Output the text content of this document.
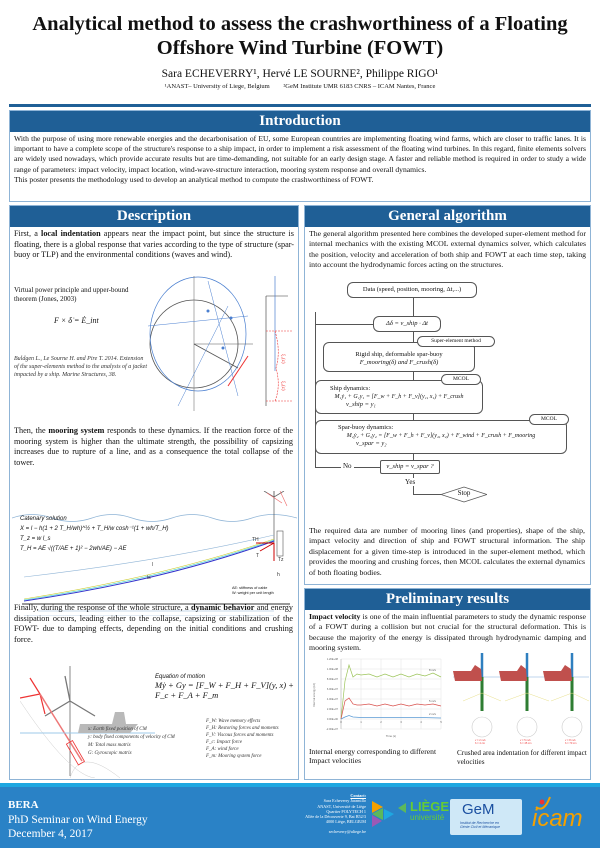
Analytical method to assess the crashworthiness of a Floating
Offshore Wind Turbine (FOWT)
Sara ECHEVERRY¹, Hervé LE SOURNE², Philippe RIGO¹
¹ANAST– University of Liege, Belgium ²GeM Institute UMR 6183 CNRS – ICAM Nantes, France
Introduction
With the purpose of using more renewable energies and the decarbonisation of EU, some European countries are implementing floating wind farms, which are closer to traffic lanes. It is important to have a complete scope of the structure's response to a ship impact, in order to implement a risk assessment of the floating wind turbines. In this regard, finite elements solvers are widely used nowadays, which provide accurate results but are time-demanding, not suitable for an early design stage. A faster and reliable method is required in order to study a wide range of parameters: impact velocity, impact location, wind-wave-structure interaction, mooring system response and overall dynamics.
This poster presents the methodology used to develop an analytical method to compute the crashworthiness of FOWT.
Description
First, a local indentation appears near the impact point, but since the structure is floating, there is a global response that varies according to the type of structure (spar-buoy or TLP) and the environmental conditions (waves and wind).
Virtual power principle and upper-bound theorem (Jones, 2003)
F × δ̇ = Ė_int
Buldgen L., Le Sourne H. and Pire T. 2014. Extension of the super-elements method to the analysis of a jacket impacted by a ship. Marine Structures, 38.
ξ₁(z)
ξ₂(z)
Then, the mooring system responds to these dynamics. If the reaction force of the mooring system is higher than the ultimate strength, the possibility of capsizing increases due to rupture of a line, and as a consequence the total collapse of the tower.
l
ls	h
TH
T
Tz
Catenary solution
X = l − h(1 + 2 T_H/wh)^½ + T_H/w cosh⁻¹(1 + wh/T_H)
T_z = w l_s
T_H = AE √((T/AE + 1)² − 2wh/AE) − AE
AE: stiffness of cable
W: weight per unit length
Finally, during the response of the whole structure, a dynamic behavior and energy dissipation occurs, leading either to the collapse, capsizing or stabilization of the FOWT- due to damping effects, depending on the initial conditions and crushing force.
Equation of motion
Mẏ + Gy = [F_W + F_H + F_V](y, x) + F_c + F_A + F_m
x: Earth fixed position of CM
y: body fixed components of velocity of CM
M: Total mass matrix
G: Gyroscopic matrix
F_W: Wave memory effects
F_H: Restoring forces and moments
F_V: Viscous forces and moments
F_c: Impact force
F_A: wind force
F_m: Mooring system force
General algorithm
The general algorithm presented here combines the developed super-element method for internal mechanics with the existing MCOL external dynamics solver, which calculates the position, velocity and acceleration of both ship and FOWT at each time step, taking into account the hydrodynamic forces acting on the structures.
Data (speed, position, mooring, Δt,...)
Δδ = v_ship · Δt
Rigid ship, deformable spar-buoy
F_mooring(δ) and F_crush(δ)
Super-element method
Ship dynamics:
M₁ẏ₁ + G₁y₁ = [F_w + F_h + F_v](y₁, x₁) + F_crush
v_ship = y₁
MCOL
Spar-buoy dynamics:
M₂ẏ₂ + G₂y₂ = [F_w + F_h + F_v](y₂, x₂) + F_wind + F_crush + F_mooring
v_spar = y₂
MCOL
v_ship = v_spar ?
No
Yes
Stop
The required data are number of mooring lines (and properties), shape of the ship, impact velocity and direction of ship and FOWT structural information. The ship displacement for a given time-step is introduced in the super-element method, which provides the mooring and crushing forces, then MCOL calculates the external dynamics of both floating bodies.
Preliminary results
Impact velocity is one of the main influential parameters to study the dynamic response of a FOWT during a collision but not crucial for the structural deformation. This is because the majority of the energy is dissipated through hydrodynamic damping and mooring system.
1.20E+08
1.00E+08
8.00E+07
6.00E+07
4.00E+07
2.00E+07
0.00E+00
-2.00E+07
0	1	2	3	4	5
Time (s)
Internal energy (kJ)
8 m/s
5 m/s
2 m/s
v = 2 m/s
δ = 4 cm
v = 5 m/s
δ = 45 cm
v = 8 m/s
δ = 70 cm
Internal energy corresponding to different Impact velocities
Crushed area indentation for different impact velocities
BERA
PhD Seminar on Wind Energy
December 4, 2017
Contact:
Sara Echeverry Jaramillo
ANAST, Université de Liège
Quartier POLYTECH 1
Allée de la Découverte 9, Bat B52/3
4000 Liège, BELGIUM
secheverry@uliege.be

LIÈGE
université	GeM
Institut de Recherche en
Génie Civil et Mécanique icam
